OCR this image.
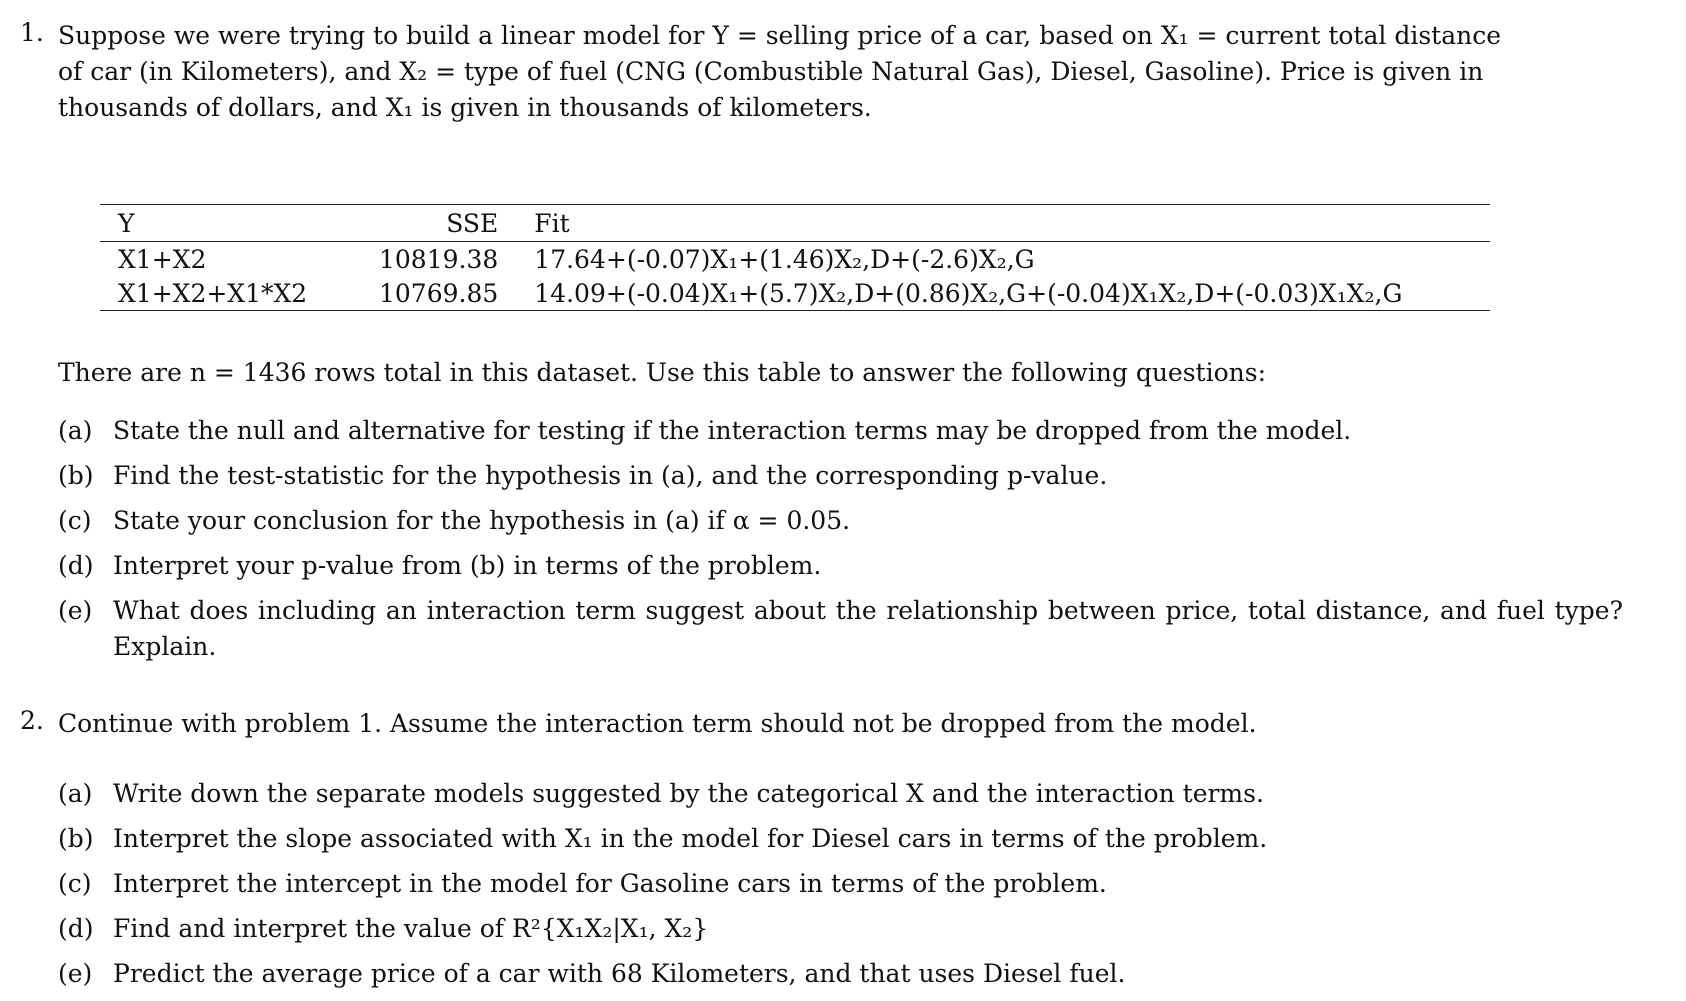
1. Suppose we were trying to build a linear model for Y = selling price of a car, based on X₁ = current total distance
of car (in Kilometers), and X₂ = type of fuel (CNG (Combustible Natural Gas), Diesel, Gasoline). Price is given in
thousands of dollars, and X₁ is given in thousands of kilometers.
Y	SSE	Fit
X1+X2	10819.38	17.64+(-0.07)X₁+(1.46)X₂,D+(-2.6)X₂,G
X1+X2+X1*X2	10769.85	14.09+(-0.04)X₁+(5.7)X₂,D+(0.86)X₂,G+(-0.04)X₁X₂,D+(-0.03)X₁X₂,G
There are n = 1436 rows total in this dataset. Use this table to answer the following questions:
(a) State the null and alternative for testing if the interaction terms may be dropped from the model.
(b) Find the test-statistic for the hypothesis in (a), and the corresponding p-value.
(c) State your conclusion for the hypothesis in (a) if α = 0.05.
(d) Interpret your p-value from (b) in terms of the problem.
(e) What does including an interaction term suggest about the relationship between price, total distance, and fuel type? Explain.
2. Continue with problem 1. Assume the interaction term should not be dropped from the model.
(a) Write down the separate models suggested by the categorical X and the interaction terms.
(b) Interpret the slope associated with X₁ in the model for Diesel cars in terms of the problem.
(c) Interpret the intercept in the model for Gasoline cars in terms of the problem.
(d) Find and interpret the value of R²{X₁X₂|X₁, X₂}
(e) Predict the average price of a car with 68 Kilometers, and that uses Diesel fuel.
